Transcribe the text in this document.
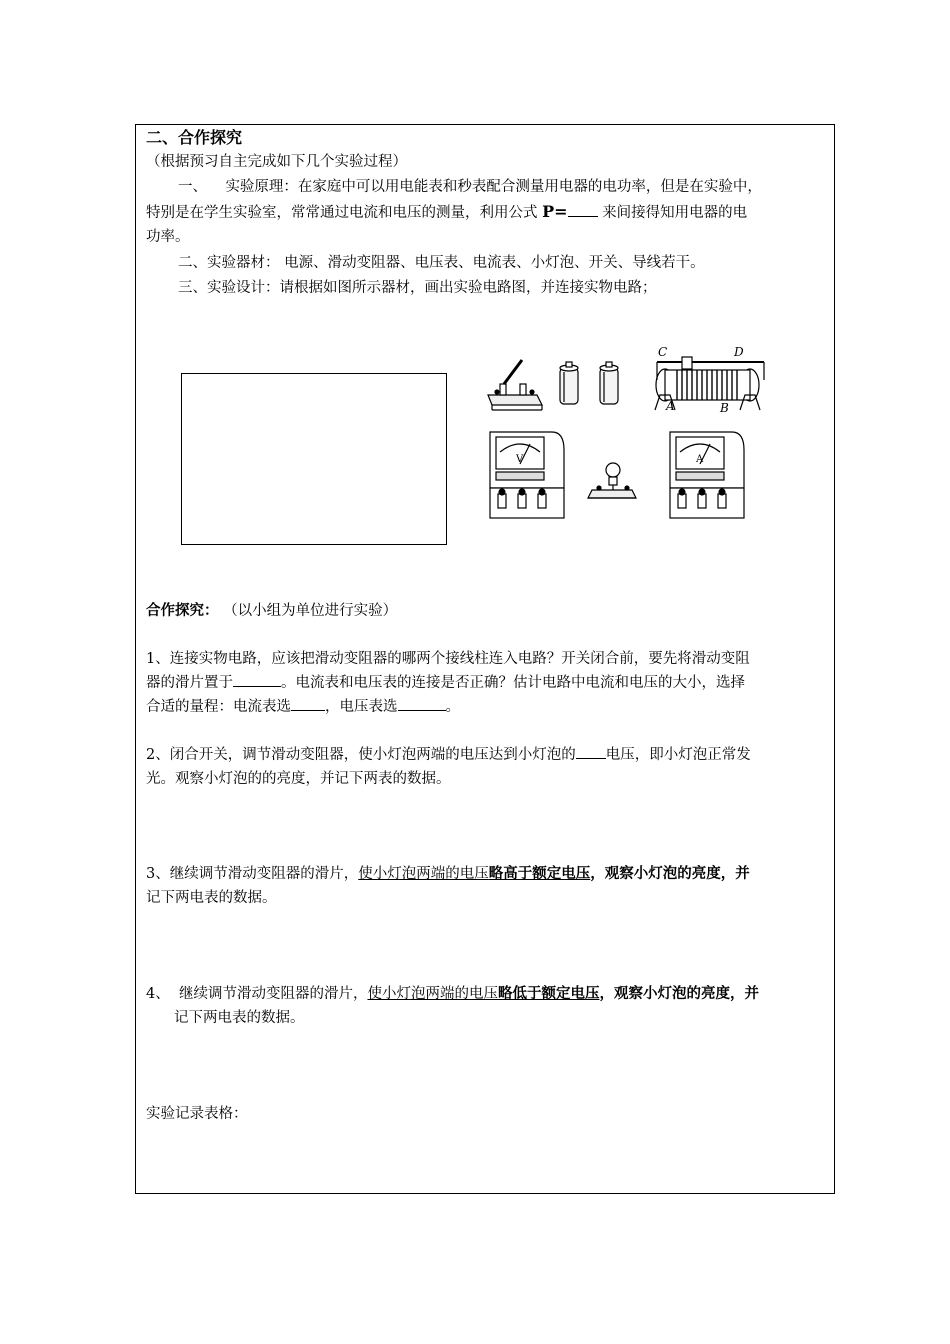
二、合作探究
（根据预习自主完成如下几个实验过程）
一、 实验原理：在家庭中可以用电能表和秒表配合测量用电器的电功率，但是在实验中，
特别是在学生实验室，常常通过电流和电压的测量，利用公式 P= 来间接得知用电器的电
功率。
二、实验器材： 电源、滑动变阻器、电压表、电流表、小灯泡、开关、导线若干。
三、实验设计：请根据如图所示器材，画出实验电路图，并连接实物电路；
C	D
A	B
V	A
合作探究： （以小组为单位进行实验）
1、连接实物电路，应该把滑动变阻器的哪两个接线柱连入电路？开关闭合前，要先将滑动变阻
器的滑片置于	。电流表和电压表的连接是否正确？估计电路中电流和电压的大小，选择
合适的量程：电流表选 ，电压表选	。
2、闭合开关，调节滑动变阻器，使小灯泡两端的电压达到小灯泡的 电压，即小灯泡正常发
光。观察小灯泡的的亮度，并记下两表的数据。
3、继续调节滑动变阻器的滑片，使小灯泡两端的电压略高于额定电压，观察小灯泡的亮度，并
记下两电表的数据。
4、 继续调节滑动变阻器的滑片，使小灯泡两端的电压略低于额定电压，观察小灯泡的亮度，并
记下两电表的数据。
实验记录表格：
